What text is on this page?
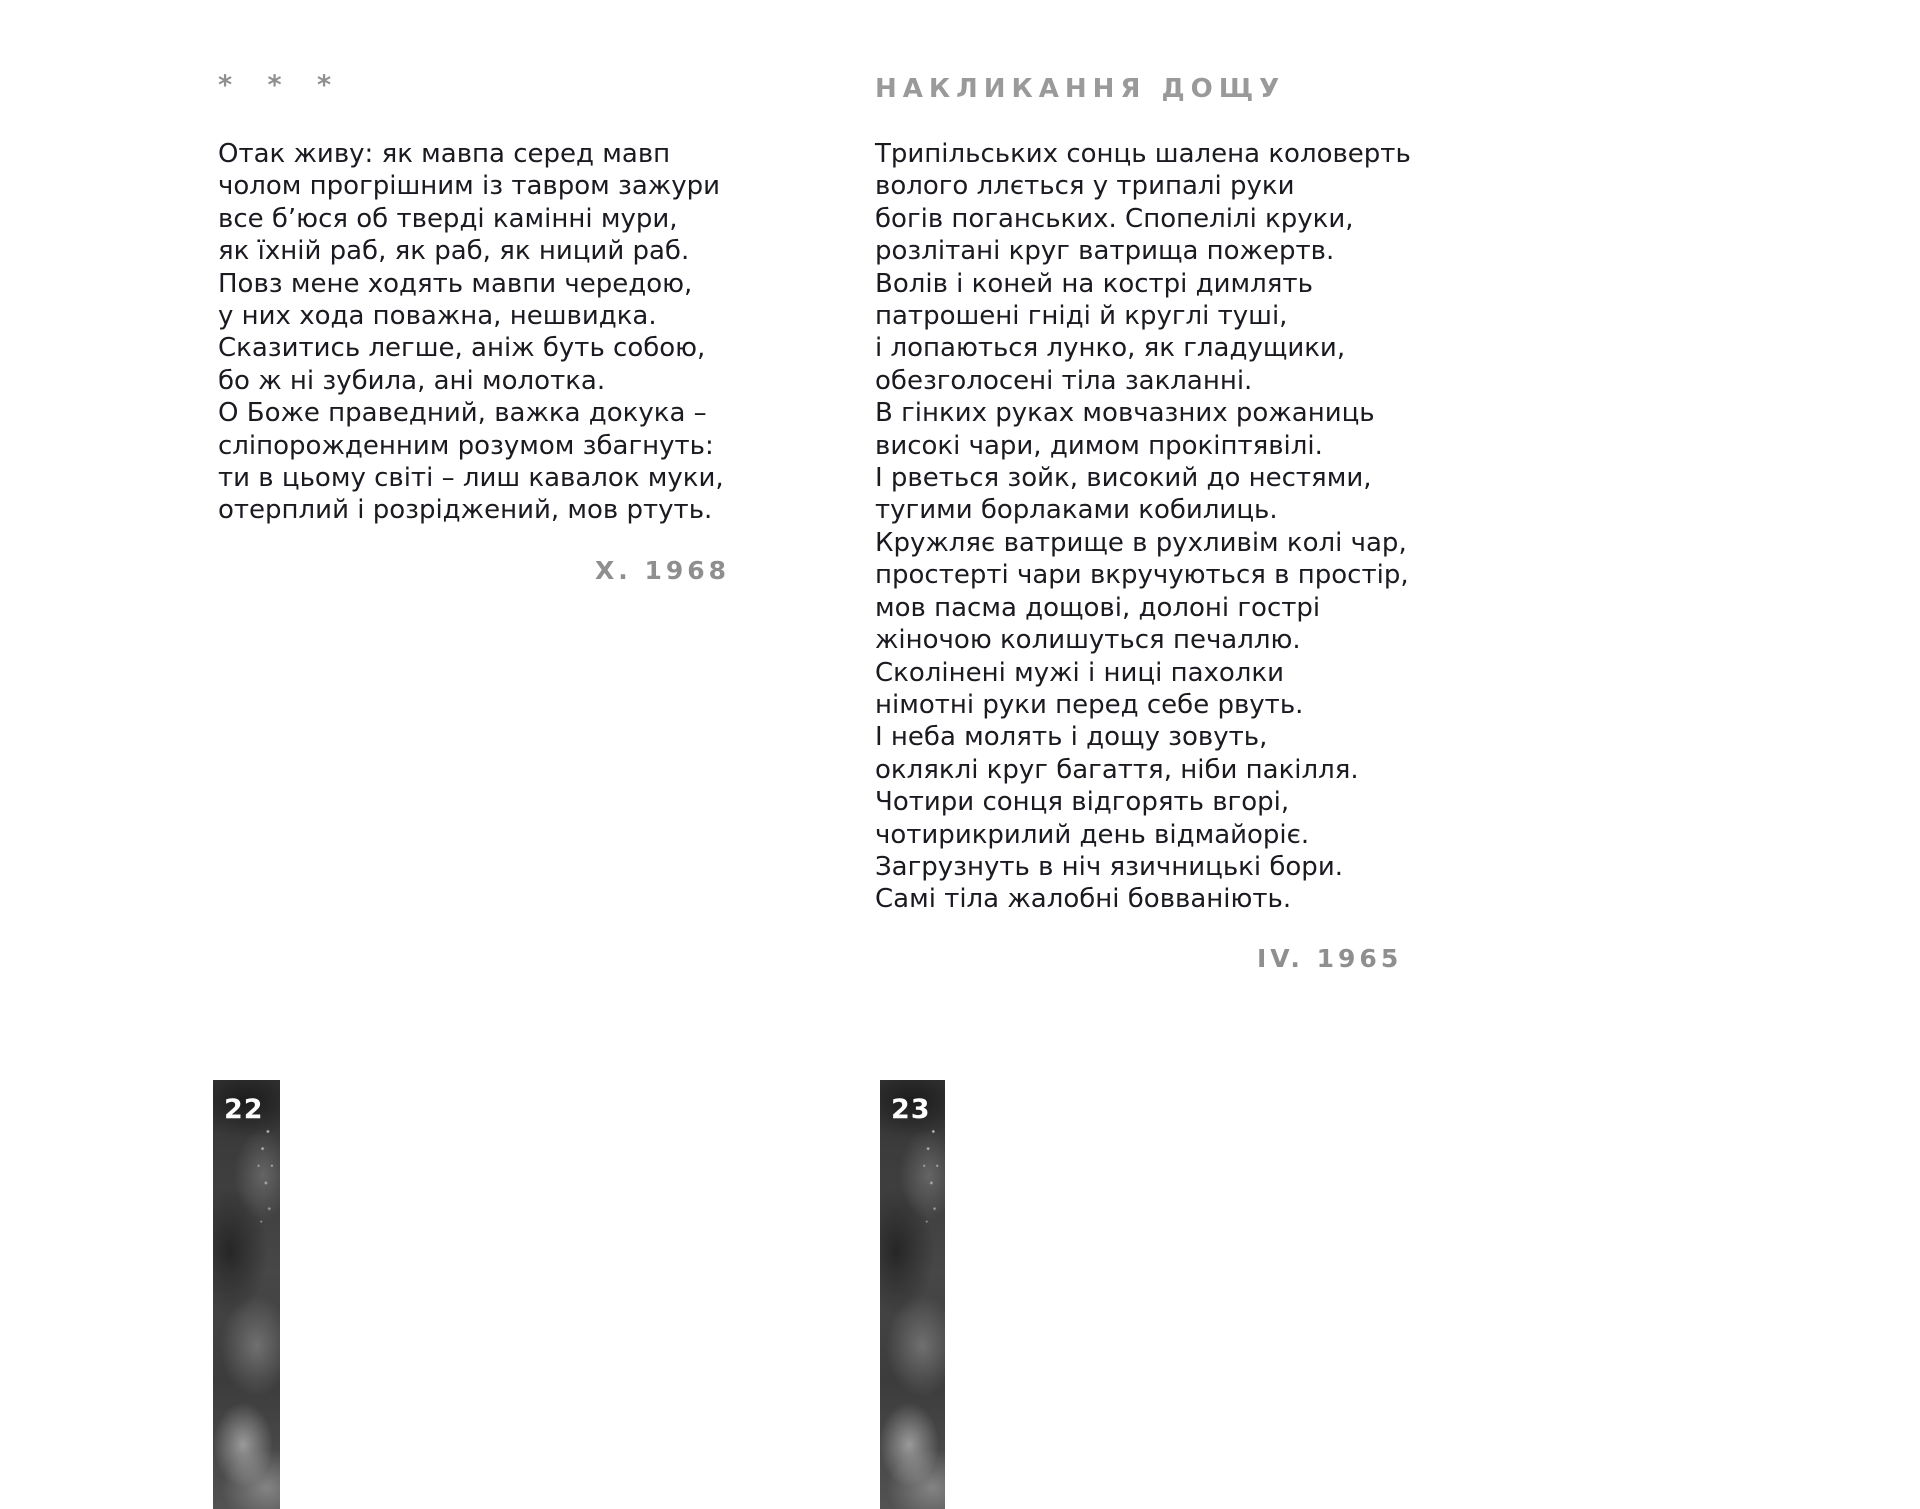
* * *
Отак живу: як мавпа серед мавп
чолом прогрішним із тавром зажури
все б’юся об тверді камінні мури,
як їхній раб, як раб, як ниций раб.
Повз мене ходять мавпи чередою,
у них хода поважна, нешвидка.
Сказитись легше, аніж буть собою,
бо ж ні зубила, ані молотка.
О Боже праведний, важка докука –
сліпорожденним розумом збагнуть:
ти в цьому світі – лиш кавалок муки,
отерплий і розріджений, мов ртуть.
Х. 1968
НАКЛИКАННЯ ДОЩУ
Трипільських сонць шалена коловерть
волого ллється у трипалі руки
богів поганських. Спопелілі круки,
розлітані круг ватрища пожертв.
Волів і коней на кострі димлять
патрошені гніді й круглі туші,
і лопаються лунко, як гладущики,
обезголосені тіла закланні.
В гінких руках мовчазних рожаниць
високі чари, димом прокіптявілі.
І рветься зойк, високий до нестями,
тугими борлаками кобилиць.
Кружляє ватрище в рухливім колі чар,
простерті чари вкручуються в простір,
мов пасма дощові, долоні гострі
жіночою колишуться печаллю.
Сколінені мужі і ниці пахолки
німотні руки перед себе рвуть.
І неба молять і дощу зовуть,
окляклі круг багаття, ніби пакілля.
Чотири сонця відгорять вгорі,
чотирикрилий день відмайоріє.
Загрузнуть в ніч язичницькі бори.
Самі тіла жалобні бовваніють.
IV. 1965
22	23
